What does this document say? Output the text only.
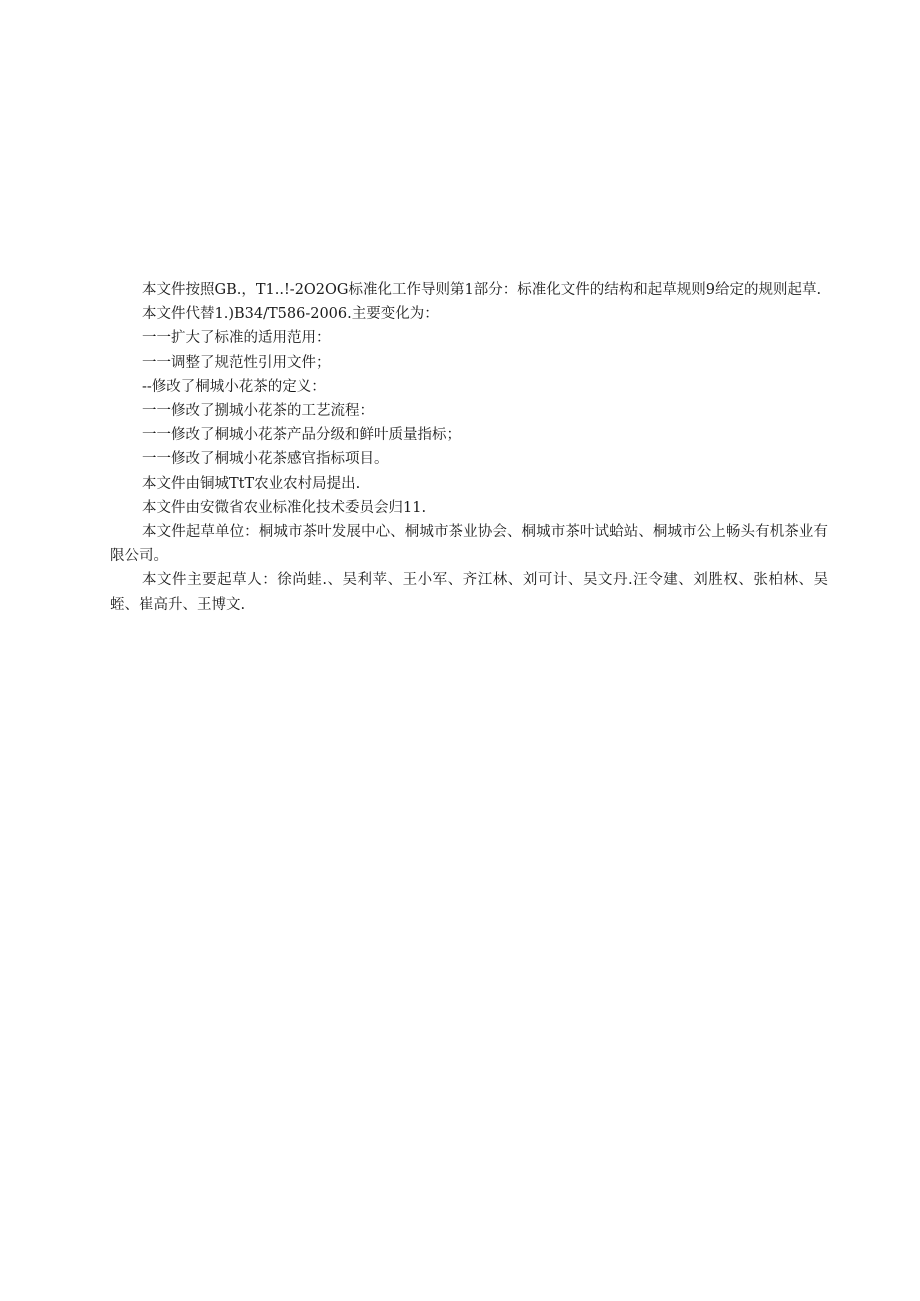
本文件按照GB.，T1..!-2O2OG标准化工作导则第1部分：标准化文件的结构和起草规则9给定的规则起草.

本文件代替1.)B34/T586-2006.主要变化为：

一一扩大了标准的适用范用：

一一调整了规范性引用文件；

--修改了桐城小花茶的定义：

一一修改了捌城小花茶的工艺流程：

一一修改了桐城小花茶产品分级和鲜叶质量指标；

一一修改了桐城小花茶感官指标项目。

本文件由铜城TtT农业农村局提出.

本文件由安微省农业标准化技术委员会归11.

本文件起草单位：桐城市茶叶发展中心、桐城市茶业协会、桐城市茶叶试蛤站、桐城市公上畅头有机茶业有限公司。

本文件主要起草人：徐尚蛙.、吴利苹、王小军、齐江林、刘可计、吴文丹.汪令建、刘胜权、张柏林、吴蛭、崔高升、王博文.
